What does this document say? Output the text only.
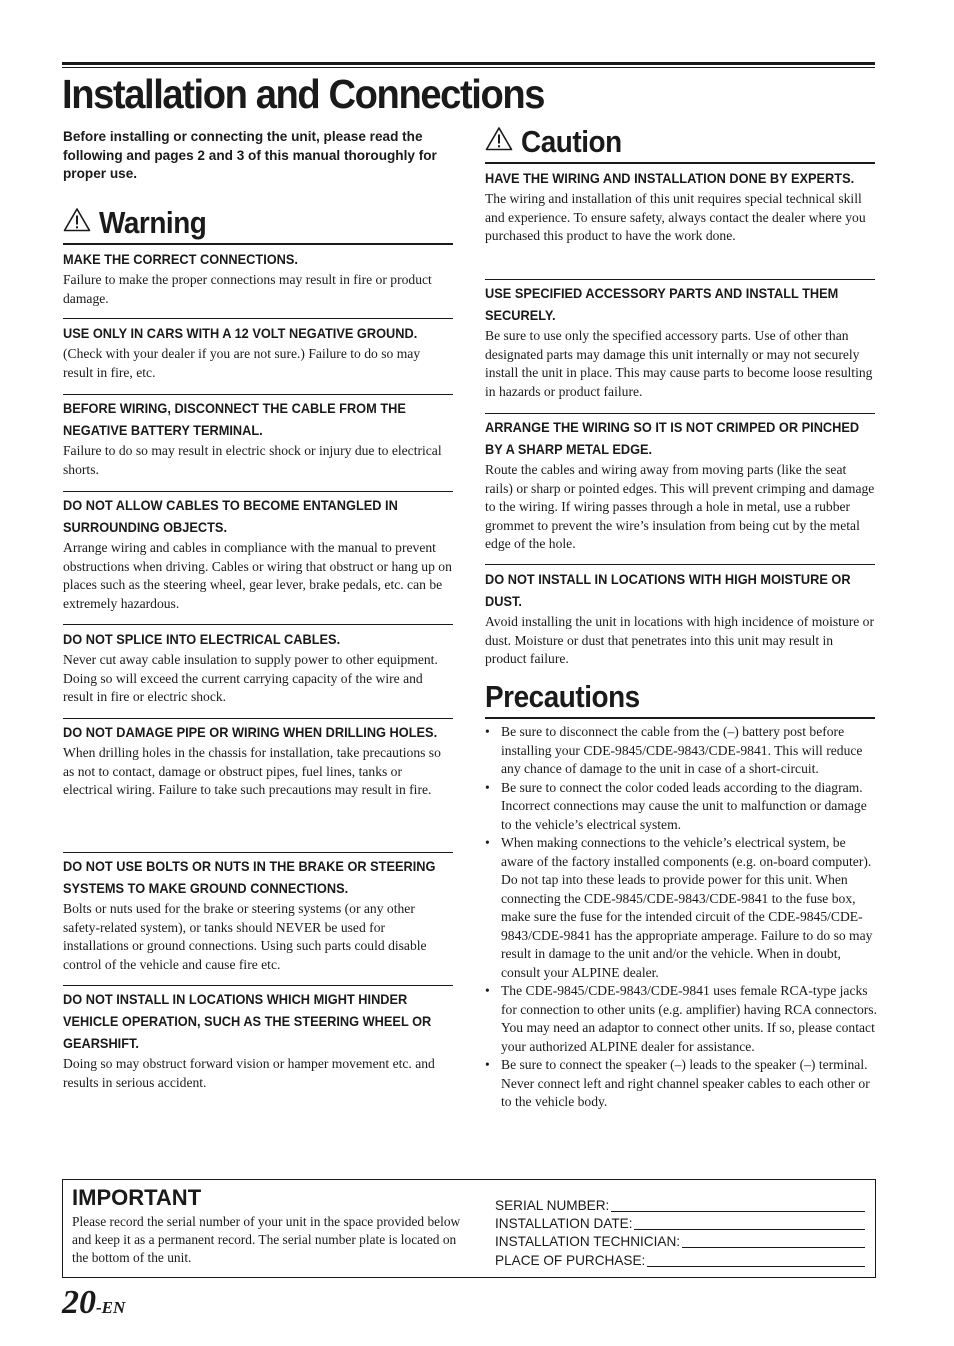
Installation and Connections
Before installing or connecting the unit, please read the following and pages 2 and 3 of this manual thoroughly for proper use.
Warning
MAKE THE CORRECT CONNECTIONS.
Failure to make the proper connections may result in fire or product damage.
USE ONLY IN CARS WITH A 12 VOLT NEGATIVE GROUND.
(Check with your dealer if you are not sure.) Failure to do so may result in fire, etc.
BEFORE WIRING, DISCONNECT THE CABLE FROM THE NEGATIVE BATTERY TERMINAL.
Failure to do so may result in electric shock or injury due to electrical shorts.
DO NOT ALLOW CABLES TO BECOME ENTANGLED IN SURROUNDING OBJECTS.
Arrange wiring and cables in compliance with the manual to prevent obstructions when driving. Cables or wiring that obstruct or hang up on places such as the steering wheel, gear lever, brake pedals, etc. can be extremely hazardous.
DO NOT SPLICE INTO ELECTRICAL CABLES.
Never cut away cable insulation to supply power to other equipment. Doing so will exceed the current carrying capacity of the wire and result in fire or electric shock.
DO NOT DAMAGE PIPE OR WIRING WHEN DRILLING HOLES.
When drilling holes in the chassis for installation, take precautions so as not to contact, damage or obstruct pipes, fuel lines, tanks or electrical wiring. Failure to take such precautions may result in fire.
DO NOT USE BOLTS OR NUTS IN THE BRAKE OR STEERING SYSTEMS TO MAKE GROUND CONNECTIONS.
Bolts or nuts used for the brake or steering systems (or any other safety-related system), or tanks should NEVER be used for installations or ground connections. Using such parts could disable control of the vehicle and cause fire etc.
DO NOT INSTALL IN LOCATIONS WHICH MIGHT HINDER VEHICLE OPERATION, SUCH AS THE STEERING WHEEL OR GEARSHIFT.
Doing so may obstruct forward vision or hamper movement etc. and results in serious accident.
Caution
HAVE THE WIRING AND INSTALLATION DONE BY EXPERTS.
The wiring and installation of this unit requires special technical skill and experience. To ensure safety, always contact the dealer where you purchased this product to have the work done.
USE SPECIFIED ACCESSORY PARTS AND INSTALL THEM SECURELY.
Be sure to use only the specified accessory parts. Use of other than designated parts may damage this unit internally or may not securely install the unit in place. This may cause parts to become loose resulting in hazards or product failure.
ARRANGE THE WIRING SO IT IS NOT CRIMPED OR PINCHED BY A SHARP METAL EDGE.
Route the cables and wiring away from moving parts (like the seat rails) or sharp or pointed edges. This will prevent crimping and damage to the wiring. If wiring passes through a hole in metal, use a rubber grommet to prevent the wire’s insulation from being cut by the metal edge of the hole.
DO NOT INSTALL IN LOCATIONS WITH HIGH MOISTURE OR DUST.
Avoid installing the unit in locations with high incidence of moisture or dust. Moisture or dust that penetrates into this unit may result in product failure.
Precautions
• Be sure to disconnect the cable from the (–) battery post before installing your CDE-9845/CDE-9843/CDE-9841. This will reduce any chance of damage to the unit in case of a short-circuit.
• Be sure to connect the color coded leads according to the diagram. Incorrect connections may cause the unit to malfunction or damage to the vehicle’s electrical system.
• When making connections to the vehicle’s electrical system, be aware of the factory installed components (e.g. on-board computer). Do not tap into these leads to provide power for this unit. When connecting the CDE-9845/CDE-9843/CDE-9841 to the fuse box, make sure the fuse for the intended circuit of the CDE-9845/CDE-9843/CDE-9841 has the appropriate amperage. Failure to do so may result in damage to the unit and/or the vehicle. When in doubt, consult your ALPINE dealer.
• The CDE-9845/CDE-9843/CDE-9841 uses female RCA-type jacks for connection to other units (e.g. amplifier) having RCA connectors. You may need an adaptor to connect other units. If so, please contact your authorized ALPINE dealer for assistance.
• Be sure to connect the speaker (–) leads to the speaker (–) terminal. Never connect left and right channel speaker cables to each other or to the vehicle body.
IMPORTANT
Please record the serial number of your unit in the space provided below and keep it as a permanent record. The serial number plate is located on the bottom of the unit.
SERIAL NUMBER:
INSTALLATION DATE:
INSTALLATION TECHNICIAN:
PLACE OF PURCHASE:
20-EN
